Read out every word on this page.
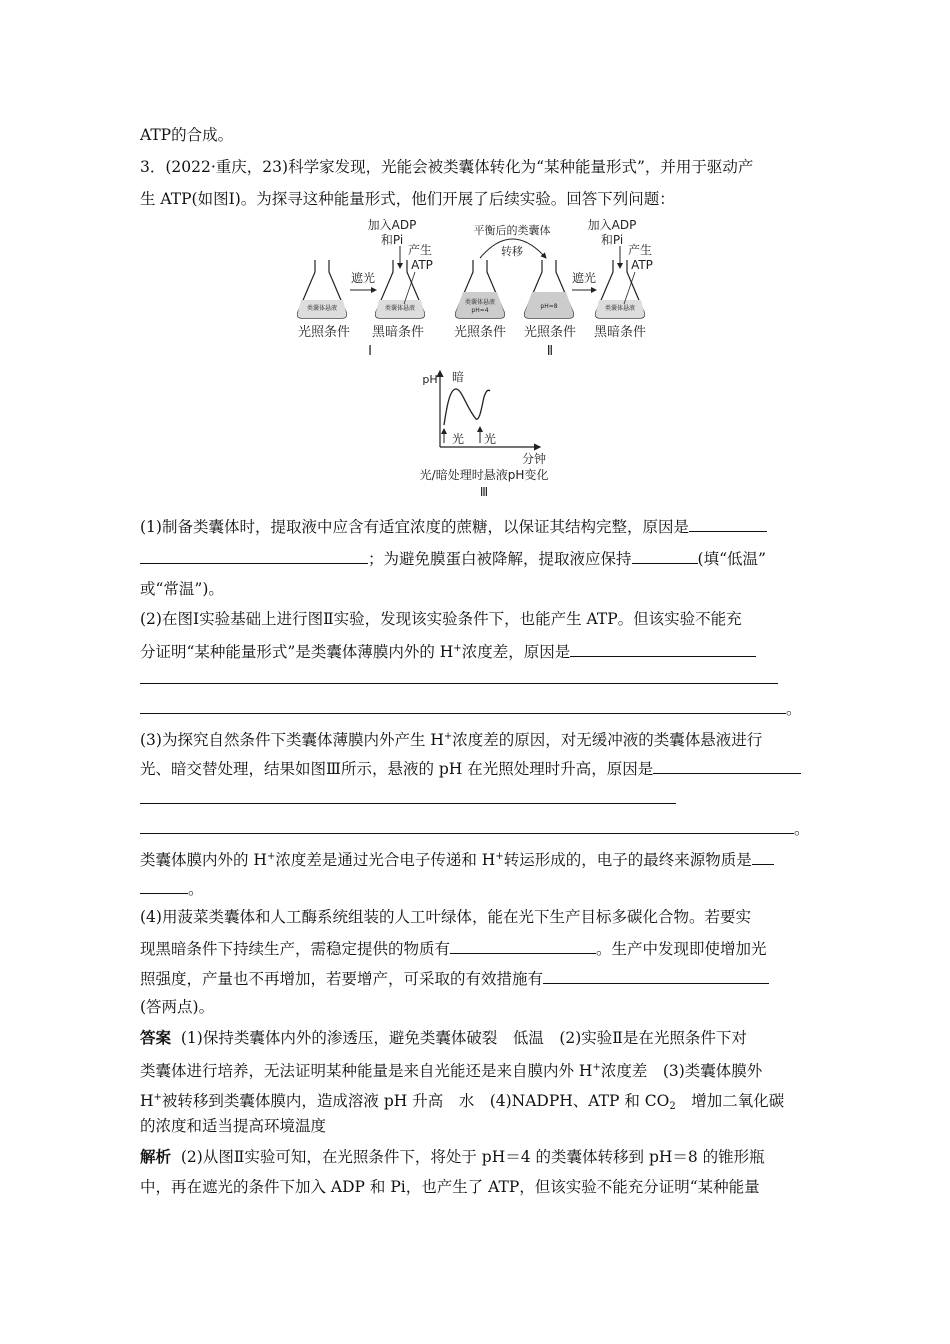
ATP的合成。
3．(2022·重庆，23)科学家发现，光能会被类囊体转化为“某种能量形式”，并用于驱动产
生 ATP(如图Ⅰ)。为探寻这种能量形式，他们开展了后续实验。回答下列问题：
类囊体悬液
遮光
类囊体悬液
加入ADP
和Pi
产生
ATP
平衡后的类囊体
转移
类囊体悬液
pH=4
pH=8
遮光
类囊体悬液
加入ADP
和Pi
产生
ATP
光照条件 黑暗条件 光照条件 光照条件 黑暗条件
Ⅰ	Ⅱ
pH 暗
光 光
分钟
光/暗处理时悬液pH变化
Ⅲ
(1)制备类囊体时，提取液中应含有适宜浓度的蔗糖，以保证其结构完整，原因是
；为避免膜蛋白被降解，提取液应保持	(填“低温”
或“常温”)。
(2)在图Ⅰ实验基础上进行图Ⅱ实验，发现该实验条件下，也能产生 ATP。但该实验不能充
分证明“某种能量形式”是类囊体薄膜内外的 H+浓度差，原因是
。
(3)为探究自然条件下类囊体薄膜内外产生 H+浓度差的原因，对无缓冲液的类囊体悬液进行
光、暗交替处理，结果如图Ⅲ所示，悬液的 pH 在光照处理时升高，原因是
。
类囊体膜内外的 H+浓度差是通过光合电子传递和 H+转运形成的，电子的最终来源物质是
。
(4)用菠菜类囊体和人工酶系统组装的人工叶绿体，能在光下生产目标多碳化合物。若要实
现黑暗条件下持续生产，需稳定提供的物质有	。生产中发现即使增加光
照强度，产量也不再增加，若要增产，可采取的有效措施有
(答两点)。
答案 (1)保持类囊体内外的渗透压，避免类囊体破裂　低温　(2)实验Ⅱ是在光照条件下对
类囊体进行培养，无法证明某种能量是来自光能还是来自膜内外 H+浓度差　(3)类囊体膜外
H+被转移到类囊体膜内，造成溶液 pH 升高　水　(4)NADPH、ATP 和 $CO_2$　增加二氧化碳
的浓度和适当提高环境温度
解析 (2)从图Ⅱ实验可知，在光照条件下，将处于 pH＝4 的类囊体转移到 pH＝8 的锥形瓶
中，再在遮光的条件下加入 ADP 和 Pi，也产生了 ATP，但该实验不能充分证明“某种能量
